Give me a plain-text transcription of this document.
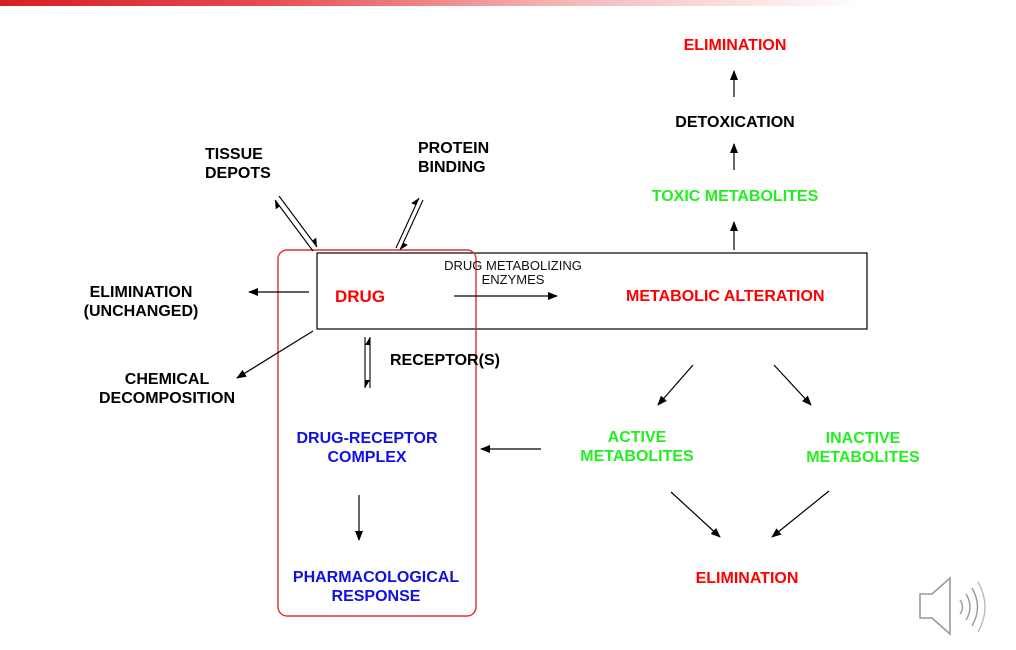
ELIMINATION
DETOXICATION
TOXIC METABOLITES
PROTEIN
BINDING
TISSUE
DEPOTS
DRUG
DRUG METABOLIZING
ENZYMES
METABOLIC ALTERATION
ELIMINATION
(UNCHANGED)
CHEMICAL
DECOMPOSITION
RECEPTOR(S)
DRUG-RECEPTOR
COMPLEX
ACTIVE
METABOLITES
INACTIVE
METABOLITES
PHARMACOLOGICAL
RESPONSE
ELIMINATION
